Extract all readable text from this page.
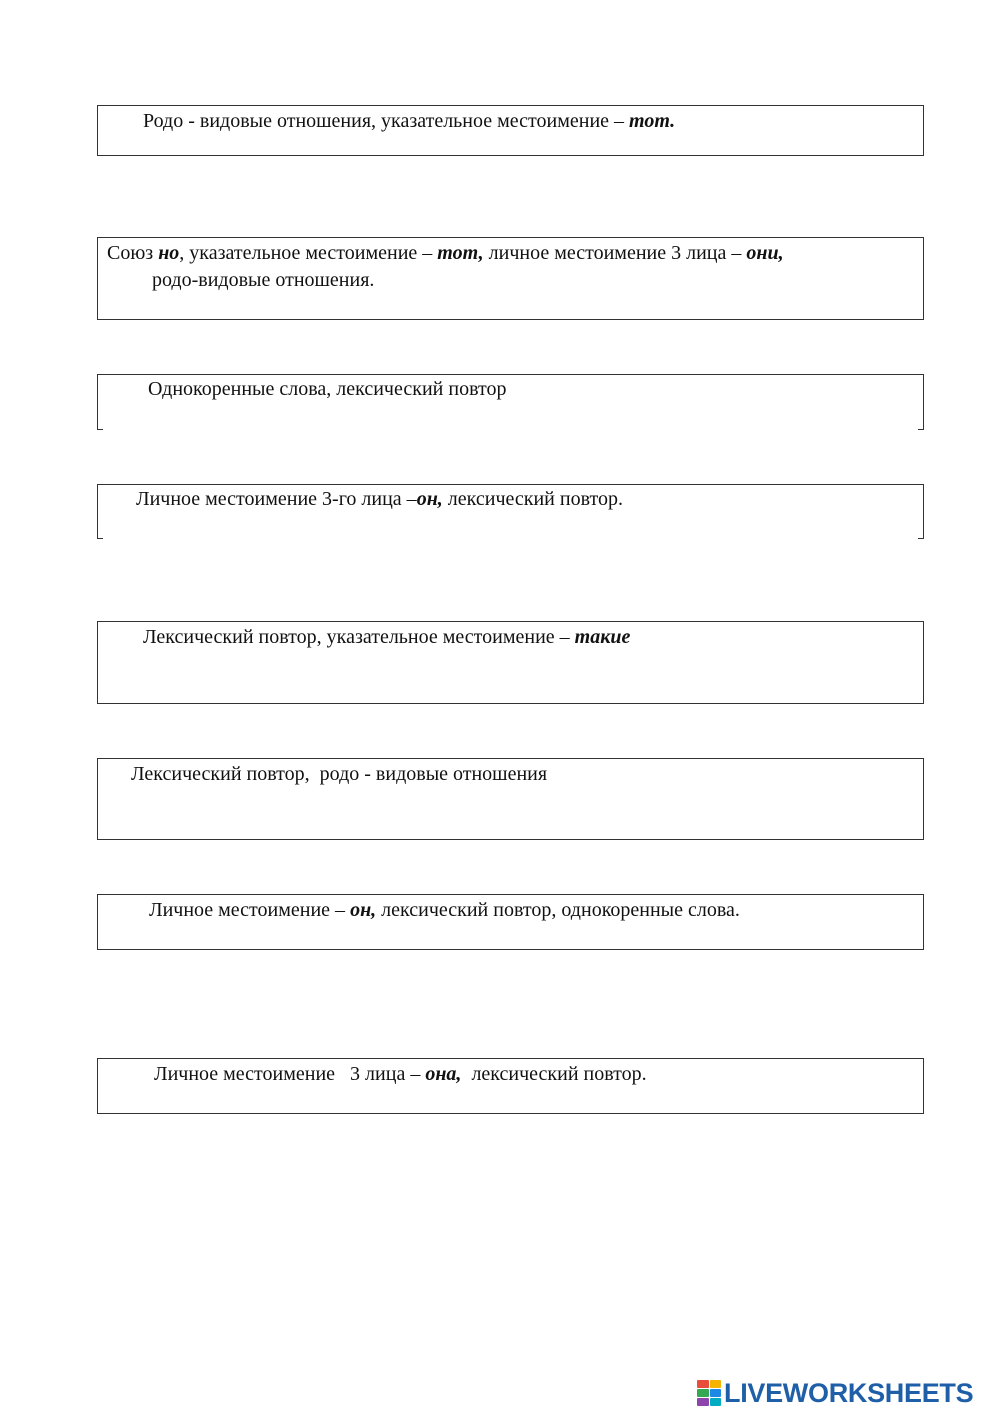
Родо - видовые отношения, указательное местоимение – тот.
Союз но, указательное местоимение – тот, личное местоимение 3 лица – они,         родо-видовые отношения.
Однокоренные слова, лексический повтор
Личное местоимение 3-го лица –он, лексический повтор.
Лексический повтор, указательное местоимение – такие
Лексический повтор,  родо - видовые отношения
Личное местоимение – он, лексический повтор, однокоренные слова.
Личное местоимение   3 лица – она,  лексический повтор.
LIVEWORKSHEETS
